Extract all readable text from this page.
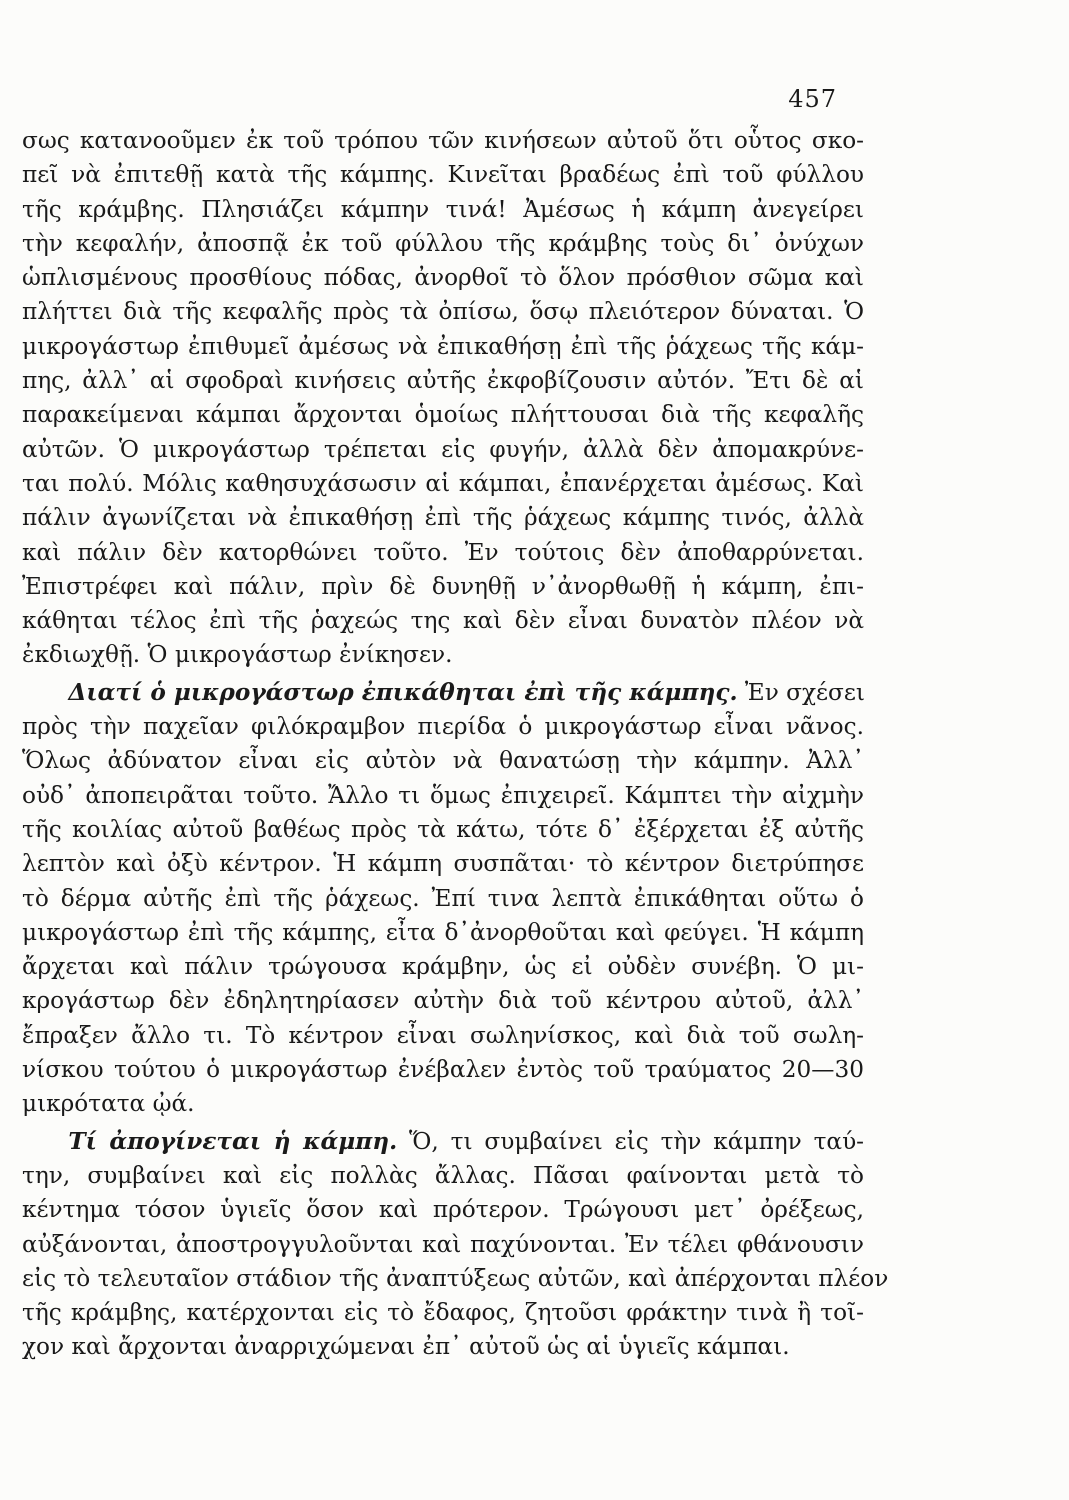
457
σως κατανοοῦμεν ἐκ τοῦ τρόπου τῶν κινήσεων αὐτοῦ ὅτι οὗτος σκο-
πεῖ νὰ ἐπιτεθῇ κατὰ τῆς κάμπης. Κινεῖται βραδέως ἐπὶ τοῦ φύλλου
τῆς κράμβης. Πλησιάζει κάμπην τινά! Ἀμέσως ἡ κάμπη ἀνεγείρει
τὴν κεφαλήν, ἀποσπᾷ ἐκ τοῦ φύλλου τῆς κράμβης τοὺς δι᾽ ὀνύχων
ὡπλισμένους προσθίους πόδας, ἀνορθοῖ τὸ ὅλον πρόσθιον σῶμα καὶ
πλήττει διὰ τῆς κεφαλῆς πρὸς τὰ ὀπίσω, ὅσῳ πλειότερον δύναται. Ὁ
μικρογάστωρ ἐπιθυμεῖ ἀμέσως νὰ ἐπικαθήσῃ ἐπὶ τῆς ῥάχεως τῆς κάμ-
πης, ἀλλ᾽ αἱ σφοδραὶ κινήσεις αὐτῆς ἐκφοβίζουσιν αὐτόν. Ἔτι δὲ αἱ
παρακείμεναι κάμπαι ἄρχονται ὁμοίως πλήττουσαι διὰ τῆς κεφαλῆς
αὐτῶν. Ὁ μικρογάστωρ τρέπεται εἰς φυγήν, ἀλλὰ δὲν ἀπομακρύνε-
ται πολύ. Μόλις καθησυχάσωσιν αἱ κάμπαι, ἐπανέρχεται ἀμέσως. Καὶ
πάλιν ἀγωνίζεται νὰ ἐπικαθήσῃ ἐπὶ τῆς ῥάχεως κάμπης τινός, ἀλλὰ
καὶ πάλιν δὲν κατορθώνει τοῦτο. Ἐν τούτοις δὲν ἀποθαρρύνεται.
Ἐπιστρέφει καὶ πάλιν, πρὶν δὲ δυνηθῇ ν᾽ἀνορθωθῇ ἡ κάμπη, ἐπι-
κάθηται τέλος ἐπὶ τῆς ῥαχεώς της καὶ δὲν εἶναι δυνατὸν πλέον νὰ
ἐκδιωχθῇ. Ὁ μικρογάστωρ ἐνίκησεν.
  Διατί ὁ μικρογάστωρ ἐπικάθηται ἐπὶ τῆς κάμπης. Ἐν σχέσει
πρὸς τὴν παχεῖαν φιλόκραμβον πιερίδα ὁ μικρογάστωρ εἶναι νᾶνος.
Ὅλως ἀδύνατον εἶναι εἰς αὐτὸν νὰ θανατώσῃ τὴν κάμπην. Ἀλλ᾽
οὐδ᾽ ἀποπειρᾶται τοῦτο. Ἄλλο τι ὅμως ἐπιχειρεῖ. Κάμπτει τὴν αἰχμὴν
τῆς κοιλίας αὐτοῦ βαθέως πρὸς τὰ κάτω, τότε δ᾽ ἐξέρχεται ἐξ αὐτῆς
λεπτὸν καὶ ὀξὺ κέντρον. Ἡ κάμπη συσπᾶται· τὸ κέντρον διετρύπησε
τὸ δέρμα αὐτῆς ἐπὶ τῆς ῥάχεως. Ἐπί τινα λεπτὰ ἐπικάθηται οὕτω ὁ
μικρογάστωρ ἐπὶ τῆς κάμπης, εἶτα δ᾽ἀνορθοῦται καὶ φεύγει. Ἡ κάμπη
ἄρχεται καὶ πάλιν τρώγουσα κράμβην, ὡς εἰ οὐδὲν συνέβη. Ὁ μι-
κρογάστωρ δὲν ἐδηλητηρίασεν αὐτὴν διὰ τοῦ κέντρου αὐτοῦ, ἀλλ᾽
ἔπραξεν ἄλλο τι. Τὸ κέντρον εἶναι σωληνίσκος, καὶ διὰ τοῦ σωλη-
νίσκου τούτου ὁ μικρογάστωρ ἐνέβαλεν ἐντὸς τοῦ τραύματος 20—30
μικρότατα ᾠά.
  Τί ἀπογίνεται ἡ κάμπη. Ὅ, τι συμβαίνει εἰς τὴν κάμπην ταύ-
την, συμβαίνει καὶ εἰς πολλὰς ἄλλας. Πᾶσαι φαίνονται μετὰ τὸ
κέντημα τόσον ὑγιεῖς ὅσον καὶ πρότερον. Τρώγουσι μετ᾽ ὀρέξεως,
αὐξάνονται, ἀποστρογγυλοῦνται καὶ παχύνονται. Ἐν τέλει φθάνουσιν
εἰς τὸ τελευταῖον στάδιον τῆς ἀναπτύξεως αὐτῶν, καὶ ἀπέρχονται πλέον
τῆς κράμβης, κατέρχονται εἰς τὸ ἔδαφος, ζητοῦσι φράκτην τινὰ ἢ τοῖ-
χον καὶ ἄρχονται ἀναρριχώμεναι ἐπ᾽ αὐτοῦ ὡς αἱ ὑγιεῖς κάμπαι.
